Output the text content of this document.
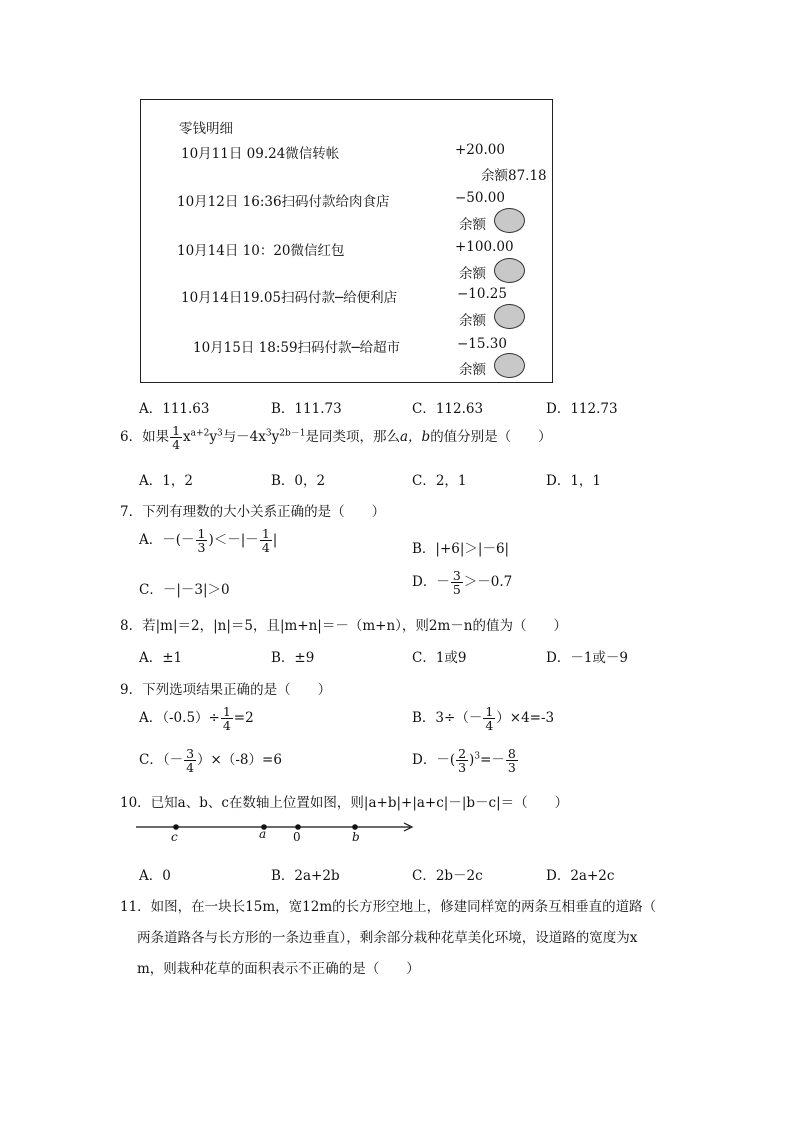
零钱明细
10月11日 09.24微信转帐	+20.00
余额87.18
10月12日 16:36扫码付款给肉食店	−50.00
余额
10月14日 10：20微信红包	+100.00
余额
10月14日19.05扫码付款─给便利店	−10.25
余额
10月15日 18:59扫码付款─给超市	−15.30
余额
A．111.63	B．111.73	C．112.63	D．112.73
6．如果 $\frac{1}{4} x^{a+2}y^3$与$-4x^3y^{2b-1}$是同类项，那么a，b的值分别是（　　）
A．1，2	B．0，2	C．2，1	D．1，1
7．下列有理数的大小关系正确的是（　　）
A．－(－ $\frac{1}{3}$ )＜－|－ $\frac{1}{4}$ |
B．|+6|＞|－6|
C．－|－3|＞0	D．－ $\frac{3}{5} >-0.7$
8．若|m|＝2，|n|＝5，且|m+n|＝－（m+n），则2m－n的值为（　　）
A．±1	B．±9	C．1或9	D．－1或－9
9．下列选项结果正确的是（　　）
A．$(-0.5)\div \frac{1}{4} =2$	B．$3\div(- \frac{1}{4} )\times 4=-3$
C．（－ $\frac{3}{4} )\times(-8)=6$	D．－( $\frac{2}{3} )^3=- \frac{8}{3}$
10．已知a、b、c在数轴上位置如图，则|a+b|+|a+c|－|b－c|＝（　　）
c	a 0	b
A．0	B．2a+2b	C．2b－2c	D．2a+2c
11．如图，在一块长15m，宽12m的长方形空地上，修建同样宽的两条互相垂直的道路（
两条道路各与长方形的一条边垂直），剩余部分栽种花草美化环境，设道路的宽度为x
m，则栽种花草的面积表示不正确的是（　　）
